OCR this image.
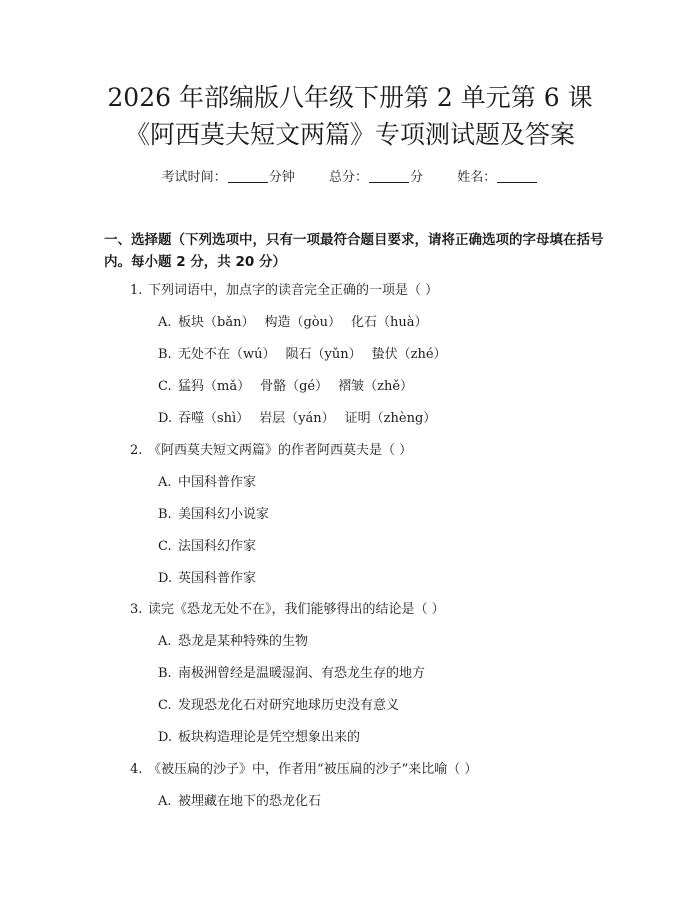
2026 年部编版八年级下册第 2 单元第 6 课
《阿西莫夫短文两篇》专项测试题及答案
考试时间：	分钟	总分：	分	姓名：
一、选择题（下列选项中，只有一项最符合题目要求，请将正确选项的字母填在括号内。每小题 2 分，共 20 分）
1. 下列词语中，加点字的读音完全正确的一项是（ ）
A. 板块（bǎn） 构造（gòu） 化石（huà）
B. 无处不在（wú） 陨石（yǔn） 蛰伏（zhé）
C. 猛犸（mǎ） 骨骼（gé） 褶皱（zhě）
D. 吞噬（shì） 岩层（yán） 证明（zhèng）
2. 《阿西莫夫短文两篇》的作者阿西莫夫是（ ）
A. 中国科普作家
B. 美国科幻小说家
C. 法国科幻作家
D. 英国科普作家
3. 读完《恐龙无处不在》，我们能够得出的结论是（ ）
A. 恐龙是某种特殊的生物
B. 南极洲曾经是温暖湿润、有恐龙生存的地方
C. 发现恐龙化石对研究地球历史没有意义
D. 板块构造理论是凭空想象出来的
4. 《被压扁的沙子》中，作者用“被压扁的沙子”来比喻（ ）
A. 被埋藏在地下的恐龙化石
